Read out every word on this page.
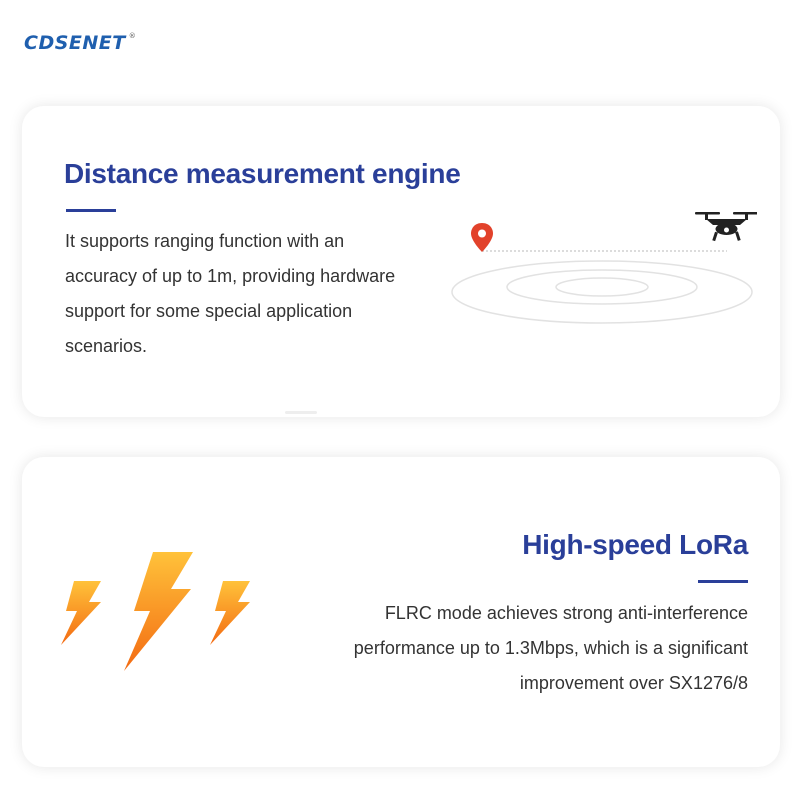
CDSENET ®
Distance measurement engine
It supports ranging function with an
accuracy of up to 1m, providing hardware
support for some special application
scenarios.
High-speed LoRa
FLRC mode achieves strong anti-interference
performance up to 1.3Mbps, which is a significant
improvement over SX1276/8
